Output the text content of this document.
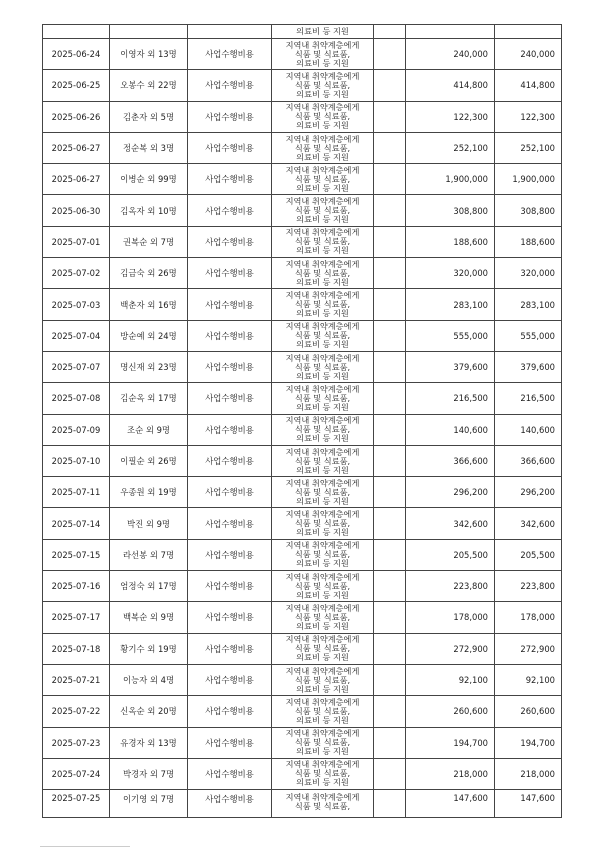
			의료비 등 지원			
2025-06-24	이영자 외 13명	사업수행비용	지역내 취약계층에게
식품 및 식료품,
의료비 등 지원		240,000	240,000
2025-06-25	오봉수 외 22명	사업수행비용	지역내 취약계층에게
식품 및 식료품,
의료비 등 지원		414,800	414,800
2025-06-26	김춘자 외 5명	사업수행비용	지역내 취약계층에게
식품 및 식료품,
의료비 등 지원		122,300	122,300
2025-06-27	정순복 외 3명	사업수행비용	지역내 취약계층에게
식품 및 식료품,
의료비 등 지원		252,100	252,100
2025-06-27	이병순 외 99명	사업수행비용	지역내 취약계층에게
식품 및 식료품,
의료비 등 지원		1,900,000	1,900,000
2025-06-30	김옥자 외 10명	사업수행비용	지역내 취약계층에게
식품 및 식료품,
의료비 등 지원		308,800	308,800
2025-07-01	권복순 외 7명	사업수행비용	지역내 취약계층에게
식품 및 식료품,
의료비 등 지원		188,600	188,600
2025-07-02	김금숙 외 26명	사업수행비용	지역내 취약계층에게
식품 및 식료품,
의료비 등 지원		320,000	320,000
2025-07-03	백춘자 외 16명	사업수행비용	지역내 취약계층에게
식품 및 식료품,
의료비 등 지원		283,100	283,100
2025-07-04	방순예 외 24명	사업수행비용	지역내 취약계층에게
식품 및 식료품,
의료비 등 지원		555,000	555,000
2025-07-07	명신재 외 23명	사업수행비용	지역내 취약계층에게
식품 및 식료품,
의료비 등 지원		379,600	379,600
2025-07-08	김순옥 외 17명	사업수행비용	지역내 취약계층에게
식품 및 식료품,
의료비 등 지원		216,500	216,500
2025-07-09	조순 외 9명	사업수행비용	지역내 취약계층에게
식품 및 식료품,
의료비 등 지원		140,600	140,600
2025-07-10	이필순 외 26명	사업수행비용	지역내 취약계층에게
식품 및 식료품,
의료비 등 지원		366,600	366,600
2025-07-11	우종원 외 19명	사업수행비용	지역내 취약계층에게
식품 및 식료품,
의료비 등 지원		296,200	296,200
2025-07-14	박진 외 9명	사업수행비용	지역내 취약계층에게
식품 및 식료품,
의료비 등 지원		342,600	342,600
2025-07-15	라선봉 외 7명	사업수행비용	지역내 취약계층에게
식품 및 식료품,
의료비 등 지원		205,500	205,500
2025-07-16	엄정숙 외 17명	사업수행비용	지역내 취약계층에게
식품 및 식료품,
의료비 등 지원		223,800	223,800
2025-07-17	백복순 외 9명	사업수행비용	지역내 취약계층에게
식품 및 식료품,
의료비 등 지원		178,000	178,000
2025-07-18	황기수 외 19명	사업수행비용	지역내 취약계층에게
식품 및 식료품,
의료비 등 지원		272,900	272,900
2025-07-21	이능자 외 4명	사업수행비용	지역내 취약계층에게
식품 및 식료품,
의료비 등 지원		92,100	92,100
2025-07-22	신옥순 외 20명	사업수행비용	지역내 취약계층에게
식품 및 식료품,
의료비 등 지원		260,600	260,600
2025-07-23	유경자 외 13명	사업수행비용	지역내 취약계층에게
식품 및 식료품,
의료비 등 지원		194,700	194,700
2025-07-24	박경자 외 7명	사업수행비용	지역내 취약계층에게
식품 및 식료품,
의료비 등 지원		218,000	218,000
2025-07-25	이기영 외 7명	사업수행비용	지역내 취약계층에게
식품 및 식료품,		147,600	147,600
